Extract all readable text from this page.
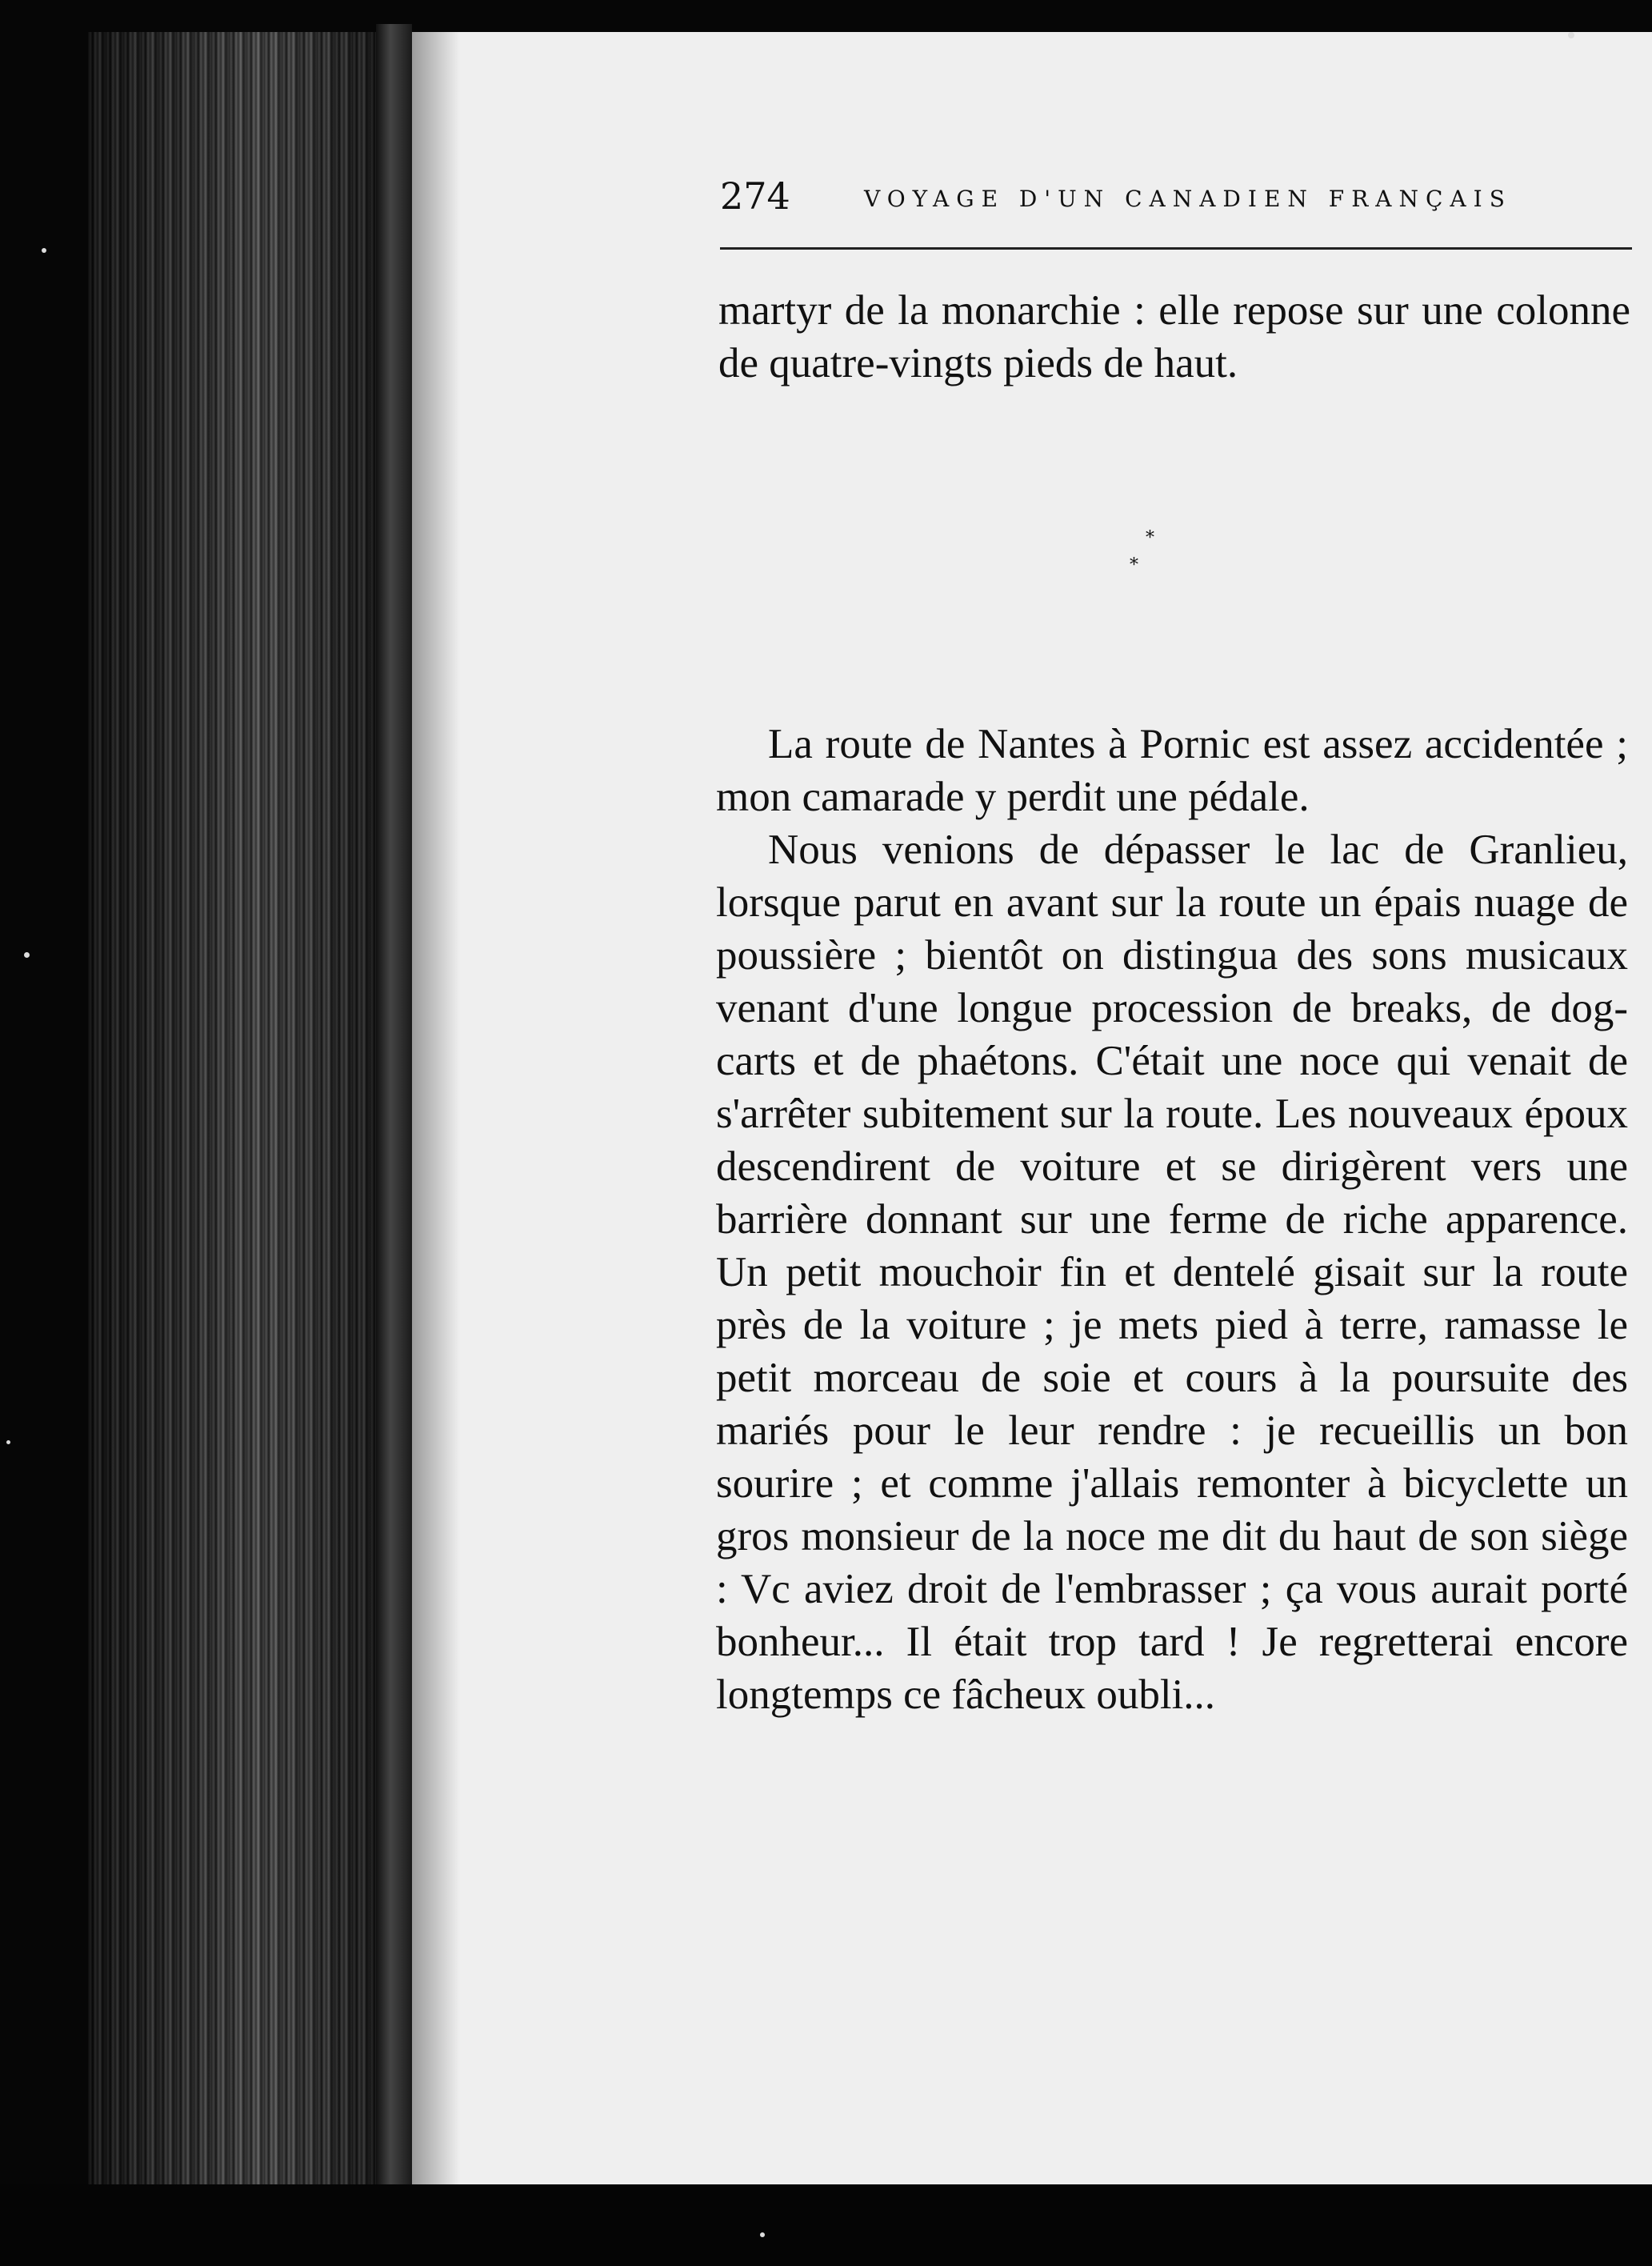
274	VOYAGE D'UN CANADIEN FRANÇAIS

martyr de la monarchie : elle repose sur une colonne de quatre-vingts pieds de haut.

*
*

La route de Nantes à Pornic est assez accidentée ; mon camarade y perdit une pédale.

Nous venions de dépasser le lac de Granlieu, lorsque parut en avant sur la route un épais nuage de poussière ; bientôt on distingua des sons musicaux venant d'une longue procession de breaks, de dog-carts et de phaétons. C'était une noce qui venait de s'arrêter subitement sur la route. Les nouveaux époux descendirent de voiture et se dirigèrent vers une barrière donnant sur une ferme de riche apparence. Un petit mouchoir fin et dentelé gisait sur la route près de la voiture ; je mets pied à terre, ramasse le petit morceau de soie et cours à la poursuite des mariés pour le leur rendre : je recueillis un bon sourire ; et comme j'allais remonter à bicyclette un gros monsieur de la noce me dit du haut de son siège : Vc aviez droit de l'embrasser ; ça vous aurait porté bonheur... Il était trop tard ! Je regretterai encore longtemps ce fâcheux oubli...
